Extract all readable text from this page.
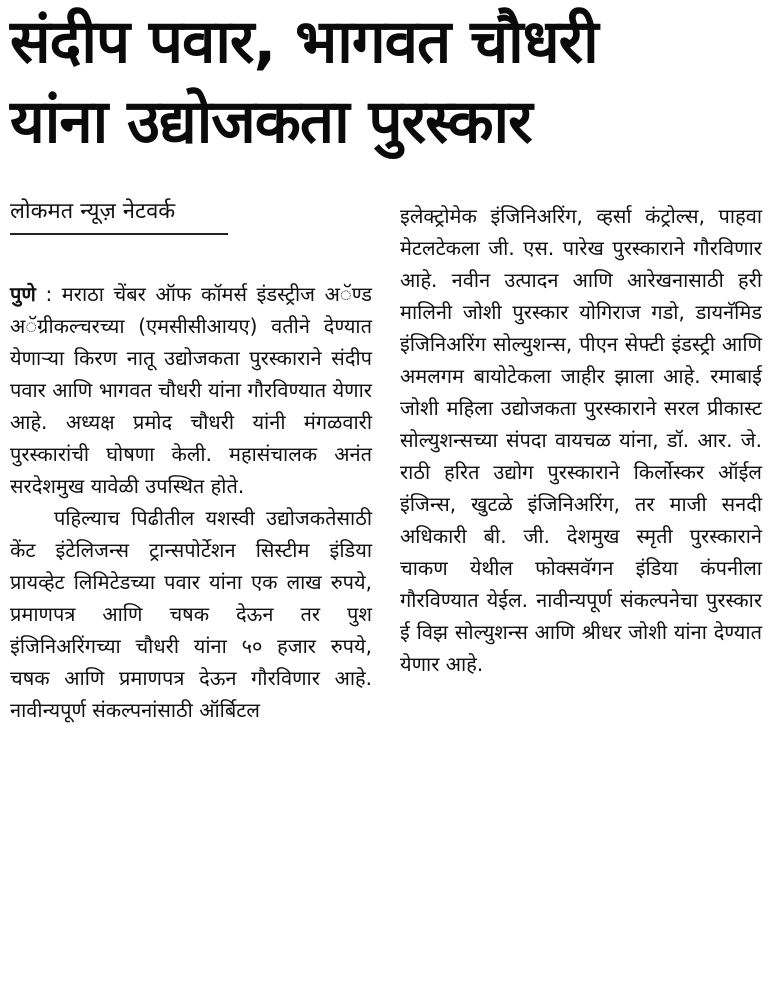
संदीप पवार, भागवत चौधरी
यांना उद्योजकता पुरस्कार
लोकमत न्यूज़ नेटवर्क

पुणे : मराठा चेंबर ऑफ कॉमर्स इंडस्ट्रीज अॅण्ड अॅग्रीकल्चरच्या (एमसीसीआयए) वतीने देण्यात येणाऱ्या किरण नातू उद्योजकता पुरस्काराने संदीप पवार आणि भागवत चौधरी यांना गौरविण्यात येणार आहे. अध्यक्ष प्रमोद चौधरी यांनी मंगळवारी पुरस्कारांची घोषणा केली. महासंचालक अनंत सरदेशमुख यावेळी उपस्थित होते.

पहिल्याच पिढीतील यशस्वी उद्योजकतेसाठी केंट इंटेलिजन्स ट्रान्सपोर्टेशन सिस्टीम इंडिया प्रायव्हेट लिमिटेडच्या पवार यांना एक लाख रुपये, प्रमाणपत्र आणि चषक देऊन तर पुश इंजिनिअरिंगच्या चौधरी यांना ५० हजार रुपये, चषक आणि प्रमाणपत्र देऊन गौरविणार आहे. नावीन्यपूर्ण संकल्पनांसाठी ऑर्बिटल

इलेक्ट्रोमेक इंजिनिअरिंग, व्हर्सा कंट्रोल्स, पाहवा मेटलटेकला जी. एस. पारेख पुरस्काराने गौरविणार आहे. नवीन उत्पादन आणि आरेखनासाठी हरी मालिनी जोशी पुरस्कार योगिराज गडो, डायनॅमिड इंजिनिअरिंग सोल्युशन्स, पीएन सेफ्टी इंडस्ट्री आणि अमलगम बायोटेकला जाहीर झाला आहे. रमाबाई जोशी महिला उद्योजकता पुरस्काराने सरल प्रीकास्ट सोल्युशन्सच्या संपदा वायचळ यांना, डॉ. आर. जे. राठी हरित उद्योग पुरस्काराने किर्लोस्कर ऑईल इंजिन्स, खुटळे इंजिनिअरिंग, तर माजी सनदी अधिकारी बी. जी. देशमुख स्मृती पुरस्काराने चाकण येथील फोक्सवॅगन इंडिया कंपनीला गौरविण्यात येईल. नावीन्यपूर्ण संकल्पनेचा पुरस्कार ई विझ सोल्युशन्स आणि श्रीधर जोशी यांना देण्यात येणार आहे.
